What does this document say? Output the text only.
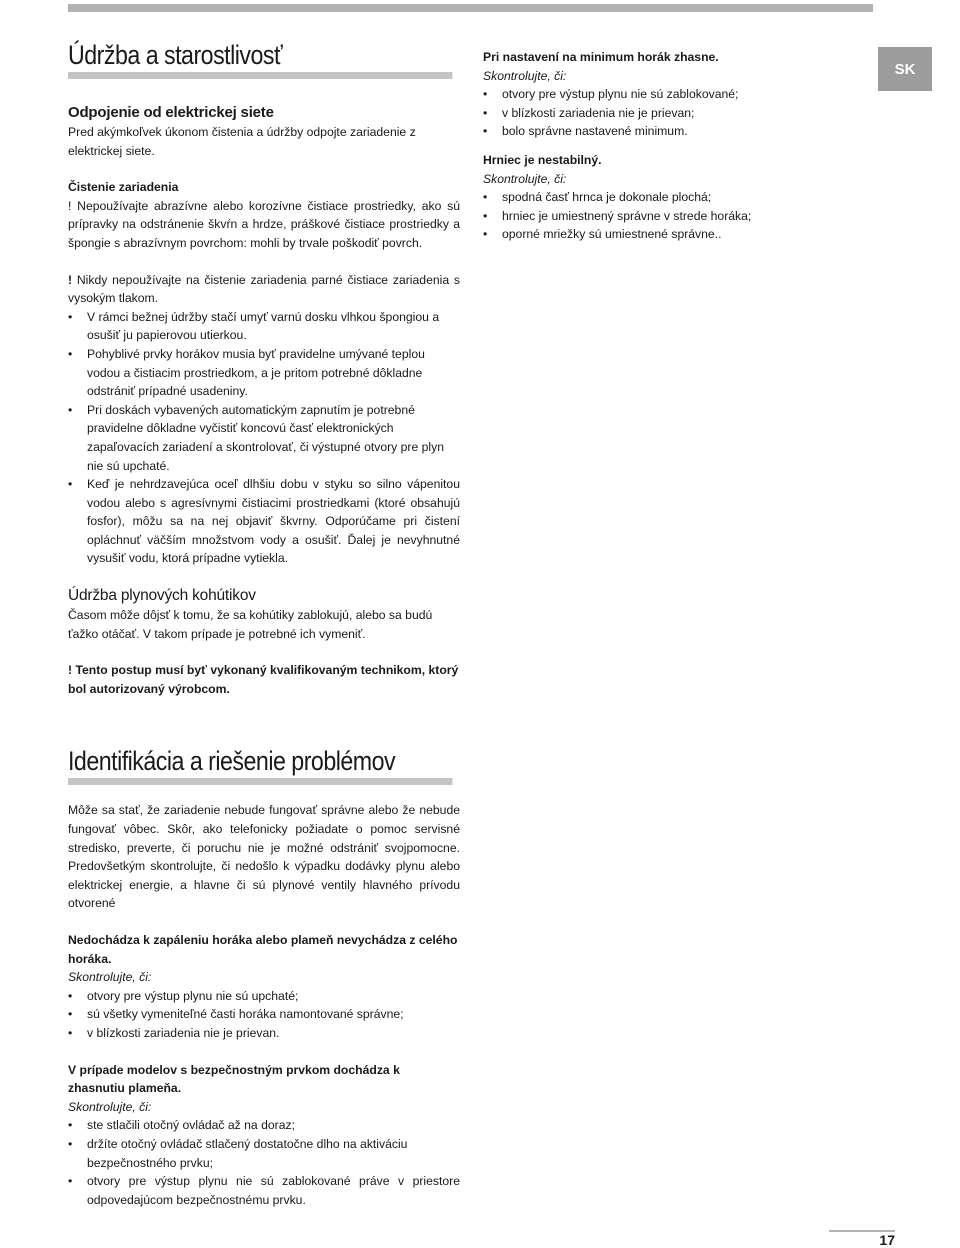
Údržba a starostlivosť
Odpojenie od elektrickej siete

Pred akýmkoľvek úkonom čistenia a údržby odpojte zariadenie z elektrickej siete.

Čistenie zariadenia

! Nepoužívajte abrazívne alebo korozívne čistiace prostriedky, ako sú prípravky na odstránenie škvŕn a hrdze, práškové čistiace prostriedky a špongie s abrazívnym povrchom: mohli by trvale poškodiť povrch.

! Nikdy nepoužívajte na čistenie zariadenia parné čistiace zariadenia s vysokým tlakom.

• V rámci bežnej údržby stačí umyť varnú dosku vlhkou špongiou a osušiť ju papierovou utierkou.
• Pohyblivé prvky horákov musia byť pravidelne umývané teplou vodou a čistiacim prostriedkom, a je pritom potrebné dôkladne odstrániť prípadné usadeniny.
• Pri doskách vybavených automatickým zapnutím je potrebné pravidelne dôkladne vyčistiť koncovú časť elektronických zapaľovacích zariadení a skontrolovať, či výstupné otvory pre plyn nie sú upchaté.
• Keď je nehrdzavejúca oceľ dlhšiu dobu v styku so silno vápenitou vodou alebo s agresívnymi čistiacimi prostriedkami (ktoré obsahujú fosfor), môžu sa na nej objaviť škvrny. Odporúčame pri čistení opláchnuť väčším množstvom vody a osušiť. Ďalej je nevyhnutné vysušiť vodu, ktorá prípadne vytiekla.
Údržba plynových kohútikov

Časom môže dôjsť k tomu, že sa kohútiky zablokujú, alebo sa budú ťažko otáčať. V takom prípade je potrebné ich vymeniť.

! Tento postup musí byť vykonaný kvalifikovaným technikom, ktorý bol autorizovaný výrobcom.

Identifikácia a riešenie problémov

Môže sa stať, že zariadenie nebude fungovať správne alebo že nebude fungovať vôbec. Skôr, ako telefonicky požiadate o pomoc servisné stredisko, preverte, či poruchu nie je možné odstrániť svojpomocne. Predovšetkým skontrolujte, či nedošlo k výpadku dodávky plynu alebo elektrickej energie, a hlavne či sú plynové ventily hlavného prívodu otvorené

Nedochádza k zapáleniu horáka alebo plameň nevychádza z celého horáka.

Skontrolujte, či:

• otvory pre výstup plynu nie sú upchaté;
• sú všetky vymeniteľné časti horáka namontované správne;
• v blízkosti zariadenia nie je prievan.

V prípade modelov s bezpečnostným prvkom dochádza k zhasnutiu plameňa.

Skontrolujte, či:

• ste stlačili otočný ovládač až na doraz;
• držíte otočný ovládač stlačený dostatočne dlho na aktiváciu bezpečnostného prvku;
• otvory pre výstup plynu nie sú zablokované práve v priestore odpovedajúcom bezpečnostnému prvku.

Pri nastavení na minimum horák zhasne.

Skontrolujte, či:

• otvory pre výstup plynu nie sú zablokované;
• v blízkosti zariadenia nie je prievan;
• bolo správne nastavené minimum.

Hrniec je nestabilný.

Skontrolujte, či:

• spodná časť hrnca je dokonale plochá;
• hrniec je umiestnený správne v strede horáka;
• oporné mriežky sú umiestnené správne..
SK
17
